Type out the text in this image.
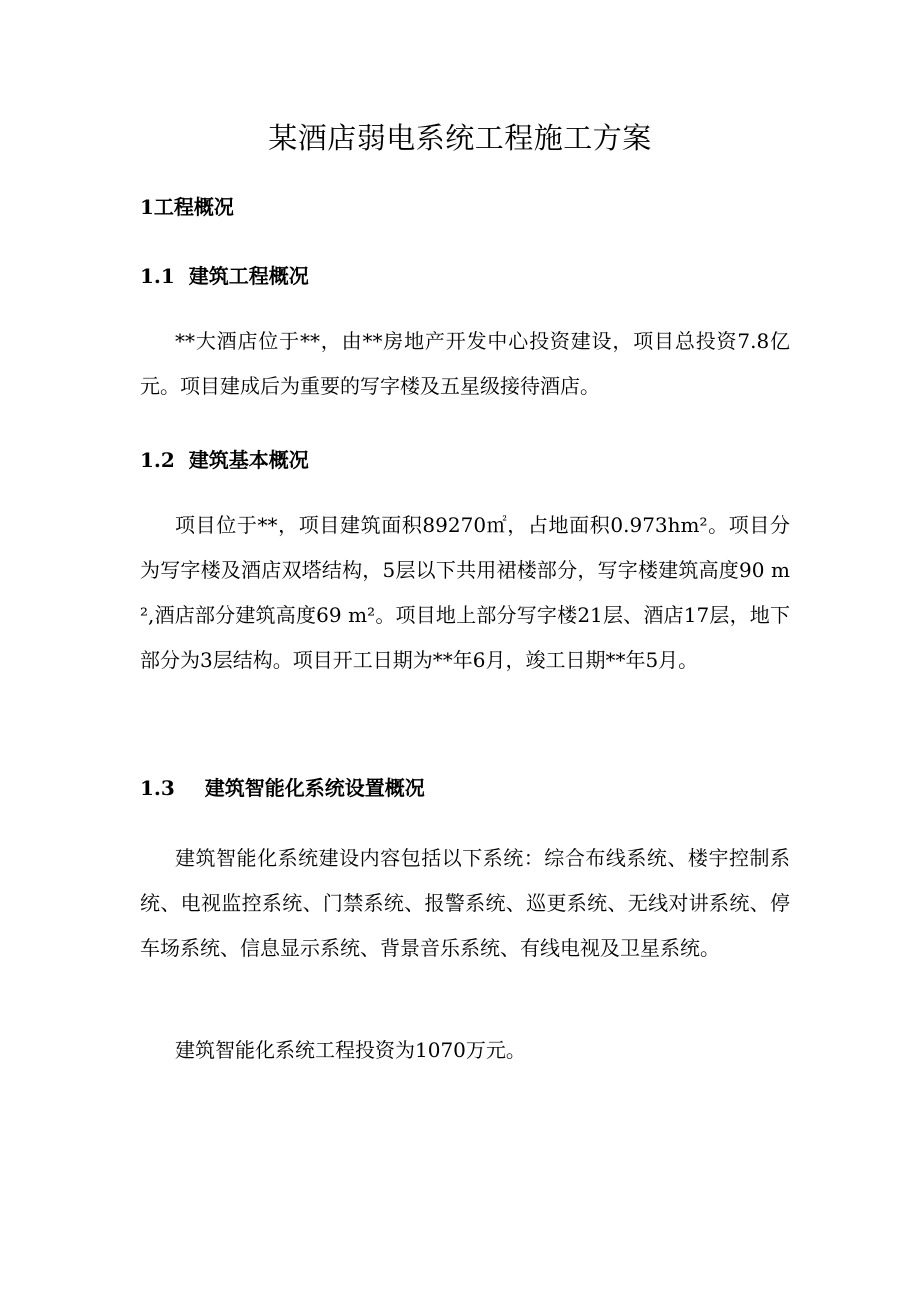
某酒店弱电系统工程施工方案
1工程概况
1.1 建筑工程概况

**大酒店位于**，由**房地产开发中心投资建设，项目总投资7.8亿元。项目建成后为重要的写字楼及五星级接待酒店。

1.2 建筑基本概况

项目位于**，项目建筑面积89270㎡，占地面积0.973hm²。项目分为写字楼及酒店双塔结构，5层以下共用裙楼部分，写字楼建筑高度90 m²,酒店部分建筑高度69 m²。项目地上部分写字楼21层、酒店17层，地下部分为3层结构。项目开工日期为**年6月，竣工日期**年5月。

1.3 建筑智能化系统设置概况

建筑智能化系统建设内容包括以下系统：综合布线系统、楼宇控制系统、电视监控系统、门禁系统、报警系统、巡更系统、无线对讲系统、停车场系统、信息显示系统、背景音乐系统、有线电视及卫星系统。

建筑智能化系统工程投资为1070万元。
